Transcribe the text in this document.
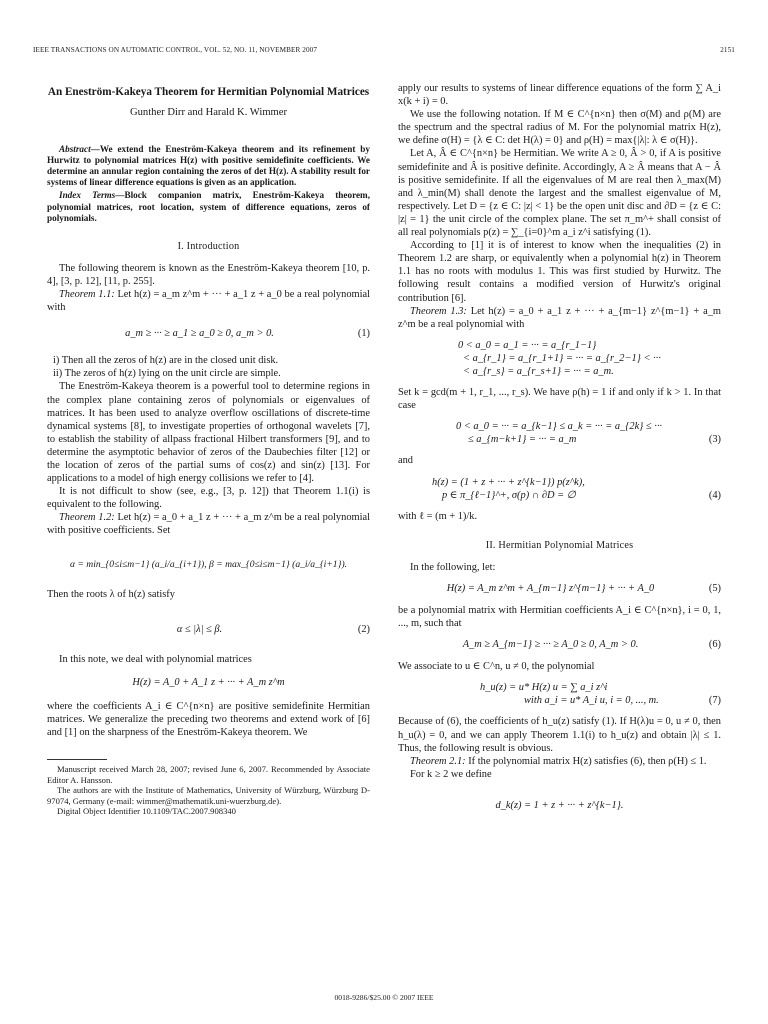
IEEE TRANSACTIONS ON AUTOMATIC CONTROL, VOL. 52, NO. 11, NOVEMBER 2007	2151
An Eneström-Kakeya Theorem for Hermitian Polynomial Matrices
Gunther Dirr and Harald K. Wimmer

Abstract—We extend the Eneström-Kakeya theorem and its refinement by Hurwitz to polynomial matrices H(z) with positive semidefinite coefficients. We determine an annular region containing the zeros of det H(z). A stability result for systems of linear difference equations is given as an application.

Index Terms—Block companion matrix, Eneström-Kakeya theorem, polynomial matrices, root location, system of difference equations, zeros of polynomials.

I. Introduction

The following theorem is known as the Eneström-Kakeya theorem [10, p. 4], [3, p. 12], [11, p. 255].

Theorem 1.1: Let h(z) = a_m z^m + ··· + a_1 z + a_0 be a real polynomial with

a_m ≥ ··· ≥ a_1 ≥ a_0 ≥ 0, a_m > 0.	(1)

i) Then all the zeros of h(z) are in the closed unit disk.

ii) The zeros of h(z) lying on the unit circle are simple.

The Eneström-Kakeya theorem is a powerful tool to determine regions in the complex plane containing zeros of polynomials or eigenvalues of matrices. It has been used to analyze overflow oscillations of discrete-time dynamical systems [8], to investigate properties of orthogonal wavelets [7], to establish the stability of allpass fractional Hilbert transformers [9], and to determine the asymptotic behavior of zeros of the Daubechies filter [12] or the location of zeros of the partial sums of cos(z) and sin(z) [13]. For applications to a model of high energy collisions we refer to [4].

It is not difficult to show (see, e.g., [3, p. 12]) that Theorem 1.1(i) is equivalent to the following.

Theorem 1.2: Let h(z) = a_0 + a_1 z + ··· + a_m z^m be a real polynomial with positive coefficients. Set

α = min_{0≤i≤m−1} (a_i/a_{i+1}), β = max_{0≤i≤m−1} (a_i/a_{i+1}).

Then the roots λ of h(z) satisfy

α ≤ |λ| ≤ β.	(2)

In this note, we deal with polynomial matrices

H(z) = A_0 + A_1 z + ··· + A_m z^m

where the coefficients A_i ∈ C^{n×n} are positive semidefinite Hermitian matrices. We generalize the preceding two theorems and extend work of [6] and [1] on the sharpness of the Eneström-Kakeya theorem. We

Manuscript received March 28, 2007; revised June 6, 2007. Recommended by Associate Editor A. Hansson.

The authors are with the Institute of Mathematics, University of Würzburg, Würzburg D-97074, Germany (e-mail: wimmer@mathematik.uni-wuerzburg.de).

Digital Object Identifier 10.1109/TAC.2007.908340

apply our results to systems of linear difference equations of the form ∑ A_i x(k + i) = 0.

We use the following notation. If M ∈ C^{n×n} then σ(M) and ρ(M) are the spectrum and the spectral radius of M. For the polynomial matrix H(z), we define σ(H) = {λ ∈ C: det H(λ) = 0} and ρ(H) = max{|λ|: λ ∈ σ(H)}.

Let A, Â ∈ C^{n×n} be Hermitian. We write A ≥ 0, Â > 0, if A is positive semidefinite and Â is positive definite. Accordingly, A ≥ Â means that A − Â is positive semidefinite. If all the eigenvalues of M are real then λ_max(M) and λ_min(M) shall denote the largest and the smallest eigenvalue of M, respectively. Let D = {z ∈ C: |z| < 1} be the open unit disc and ∂D = {z ∈ C: |z| = 1} the unit circle of the complex plane. The set π_m^+ shall consist of all real polynomials p(z) = ∑_{i=0}^m a_i z^i satisfying (1).

According to [1] it is of interest to know when the inequalities (2) in Theorem 1.2 are sharp, or equivalently when a polynomial h(z) in Theorem 1.1 has no roots with modulus 1. This was first studied by Hurwitz. The following result contains a modified version of Hurwitz's original contribution [6].

Theorem 1.3: Let h(z) = a_0 + a_1 z + ··· + a_{m−1} z^{m−1} + a_m z^m be a real polynomial with

0 < a_0 = a_1 = ··· = a_{r_1−1}
< a_{r_1} = a_{r_1+1} = ··· = a_{r_2−1} < ···
< a_{r_s} = a_{r_s+1} = ··· = a_m.

Set k = gcd(m + 1, r_1, ..., r_s). We have ρ(h) = 1 if and only if k > 1. In that case

0 < a_0 = ··· = a_{k−1} ≤ a_k = ··· = a_{2k} ≤ ···
≤ a_{m−k+1} = ··· = a_m	(3)

and

h(z) = (1 + z + ··· + z^{k−1}) p(z^k),
p ∈ π_{ℓ−1}^+, σ(p) ∩ ∂D = ∅	(4)

with ℓ = (m + 1)/k.

II. Hermitian Polynomial Matrices

In the following, let:

H(z) = A_m z^m + A_{m−1} z^{m−1} + ··· + A_0	(5)

be a polynomial matrix with Hermitian coefficients A_i ∈ C^{n×n}, i = 0, 1, ..., m, such that

A_m ≥ A_{m−1} ≥ ··· ≥ A_0 ≥ 0, A_m > 0.	(6)

We associate to u ∈ C^n, u ≠ 0, the polynomial

h_u(z) = u* H(z) u = ∑ a_i z^i
with a_i = u* A_i u, i = 0, ..., m.	(7)

Because of (6), the coefficients of h_u(z) satisfy (1). If H(λ)u = 0, u ≠ 0, then h_u(λ) = 0, and we can apply Theorem 1.1(i) to h_u(z) and obtain |λ| ≤ 1. Thus, the following result is obvious.

Theorem 2.1: If the polynomial matrix H(z) satisfies (6), then ρ(H) ≤ 1.

For k ≥ 2 we define

d_k(z) = 1 + z + ··· + z^{k−1}.
0018-9286/$25.00 © 2007 IEEE
